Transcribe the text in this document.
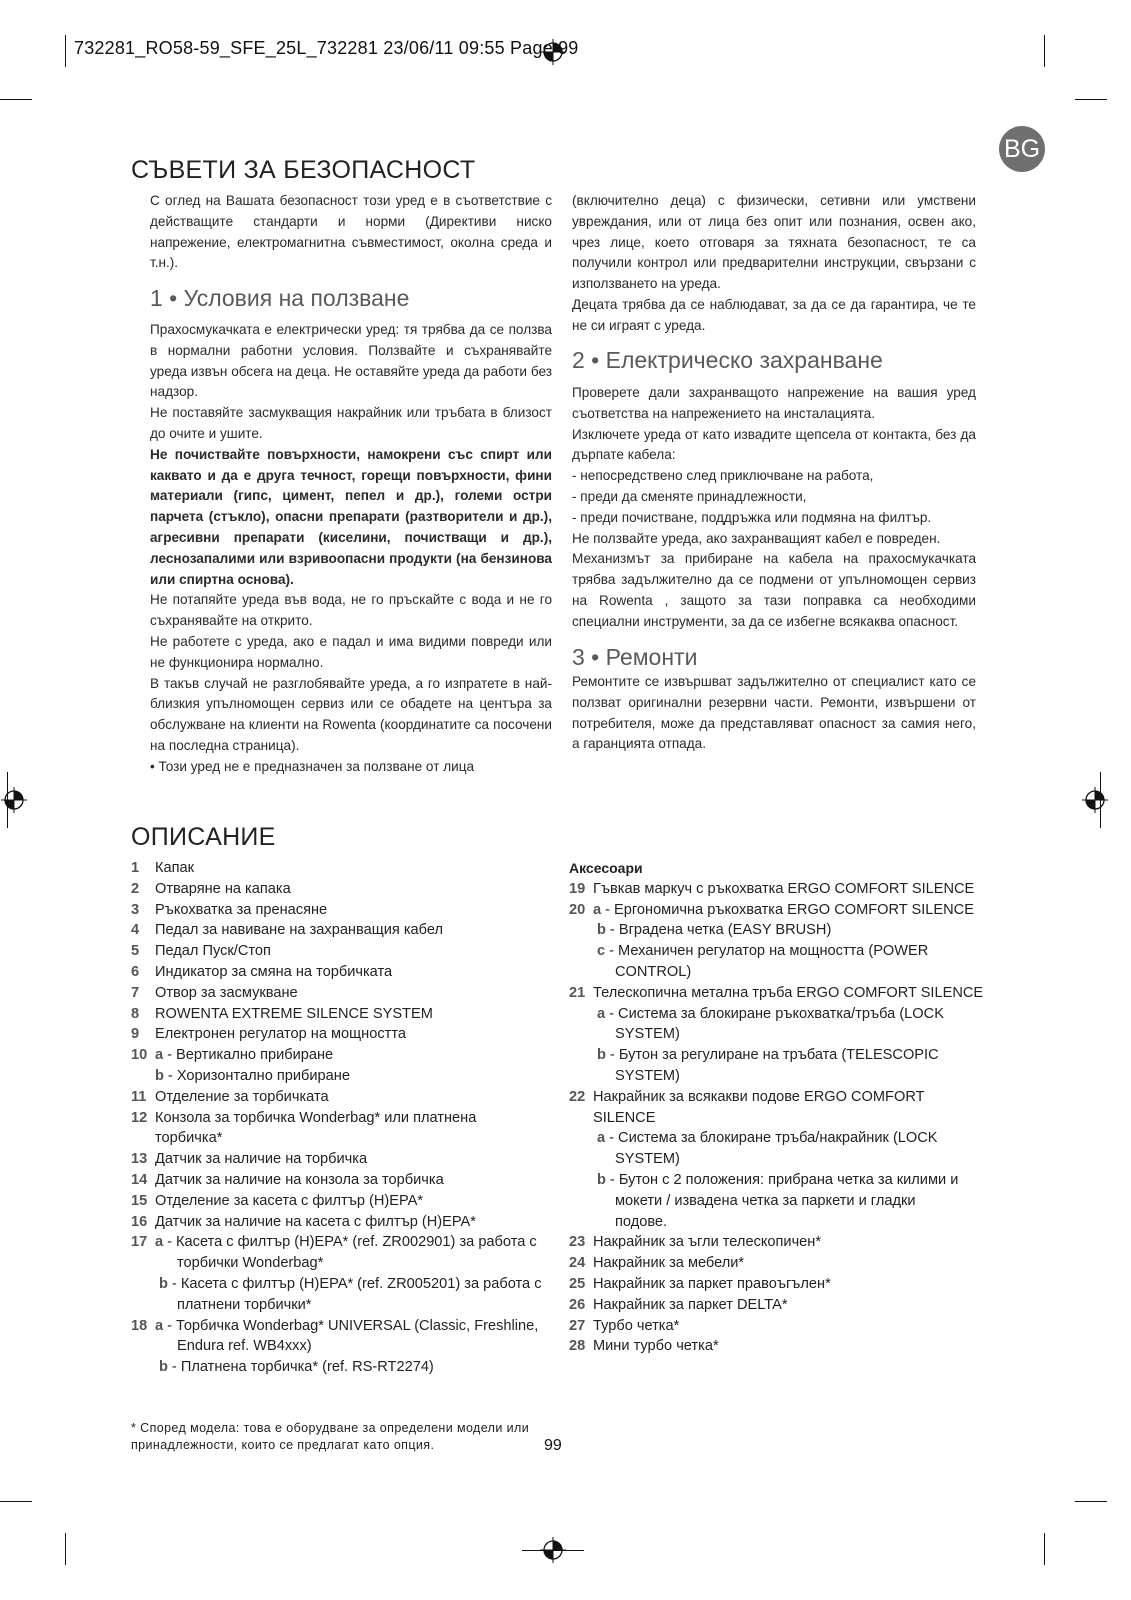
732281_RO58-59_SFE_25L_732281 23/06/11 09:55 Page 99
BG
СЪВЕТИ ЗА БЕЗОПАСНОСТ

С оглед на Вашата безопасност този уред е в съответствие с действащите стандарти и норми (Директиви ниско напрежение, електромагнитна съвместимост, околна среда и т.н.).

1 • Условия на ползване

Прахосмукачката е електрически уред: тя трябва да се ползва в нормални работни условия. Ползвайте и съхранявайте уреда извън обсега на деца. Не оставяйте уреда да работи без надзор.

Не поставяйте засмукващия накрайник или тръбата в близост до очите и ушите.

Не почиствайте повърхности, намокрени със спирт или каквато и да е друга течност, горещи повърхности, фини материали (гипс, цимент, пепел и др.), големи остри парчета (стъкло), опасни препарати (разтворители и др.), агресивни препарати (киселини, почистващи и др.), леснозапалими или взривоопасни продукти (на бензинова или спиртна основа).

Не потапяйте уреда във вода, не го пръскайте с вода и не го съхранявайте на открито.

Не работете с уреда, ако е падал и има видими повреди или не функционира нормално.

В такъв случай не разглобявайте уреда, а го изпратете в най-близкия упълномощен сервиз или се обадете на центъра за обслужване на клиенти на Rowenta (координатите са посочени на последна страница).

• Този уред не е предназначен за ползване от лица

(включително деца) с физически, сетивни или умствени увреждания, или от лица без опит или познания, освен ако, чрез лице, което отговаря за тяхната безопасност, те са получили контрол или предварителни инструкции, свързани с използването на уреда.

Децата трябва да се наблюдават, за да се да гарантира, че те не си играят с уреда.

2 • Електрическо захранване

Проверете дали захранващото напрежение на вашия уред съответства на напрежението на инсталацията.

Изключете уреда от като извадите щепсела от контакта, без да дърпате кабела:

- непосредствено след приключване на работа,

- преди да сменяте принадлежности,

- преди почистване, поддръжка или подмяна на филтър.

Не ползвайте уреда, ако захранващият кабел е повреден.

Механизмът за прибиране на кабела на прахосмукачката трябва задължително да се подмени от упълномощен сервиз на Rowenta , защото за тази поправка са необходими специални инструменти, за да се избегне всякаква опасност.

3 • Ремонти

Ремонтите се извършват задължително от специалист като се ползват оригинални резервни части. Ремонти, извършени от потребителя, може да представляват опасност за самия него, а гаранцията отпада.

ОПИСАНИЕ
1 Капак
2 Отваряне на капака
3 Ръкохватка за пренасяне
4 Педал за навиване на захранващия кабел
5 Педал Пуск/Стоп
6 Индикатор за смяна на торбичката
7 Отвор за засмукване
8 ROWENTA EXTREME SILENCE SYSTEM
9 Електронен регулатор на мощността
10 a - Вертикално прибиране
b - Хоризонтално прибиране
11 Отделение за торбичката
12 Конзола за торбичка Wonderbag* или платнена
торбичка*
13 Датчик за наличие на торбичка
14 Датчик за наличие на конзола за торбичка
15 Отделение за касета с филтър (H)EPA*
16 Датчик за наличие на касета с филтър (H)EPA*
17 a - Касета с филтър (H)EPA* (ref. ZR002901) за работа с
торбички Wonderbag*
b - Касета с филтър (H)EPA* (ref. ZR005201) за работа с
платнени торбички*
18 a - Торбичка Wonderbag* UNIVERSAL (Classic, Freshline,
Endura ref. WB4xxx)
b - Платнена торбичка* (ref. RS-RT2274)
Аксесоари
19 Гъвкав маркуч с ръкохватка ERGO COMFORT SILENCE
20 a - Ергономична ръкохватка ERGO COMFORT SILENCE
b - Вградена четка (EASY BRUSH)
c - Механичен регулатор на мощността (POWER
CONTROL)
21 Телескопична метална тръба ERGO COMFORT SILENCE
a - Система за блокиране ръкохватка/тръба (LOCK
SYSTEM)
b - Бутон за регулиране на тръбата (TELESCOPIC
SYSTEM)
22 Накрайник за всякакви подове ERGO COMFORT
SILENCE
a - Система за блокиране тръба/накрайник (LOCK
SYSTEM)
b - Бутон с 2 положения: прибрана четка за килими и
мокети / извадена четка за паркети и гладки
подове.
23 Накрайник за ъгли телескопичен*
24 Накрайник за мебели*
25 Накрайник за паркет правоъгълен*
26 Накрайник за паркет DELTA*
27 Турбо четка*
28 Мини турбо четка*
* Според модела: това е оборудване за определени модели или принадлежности, които се предлагат като опция.	99
